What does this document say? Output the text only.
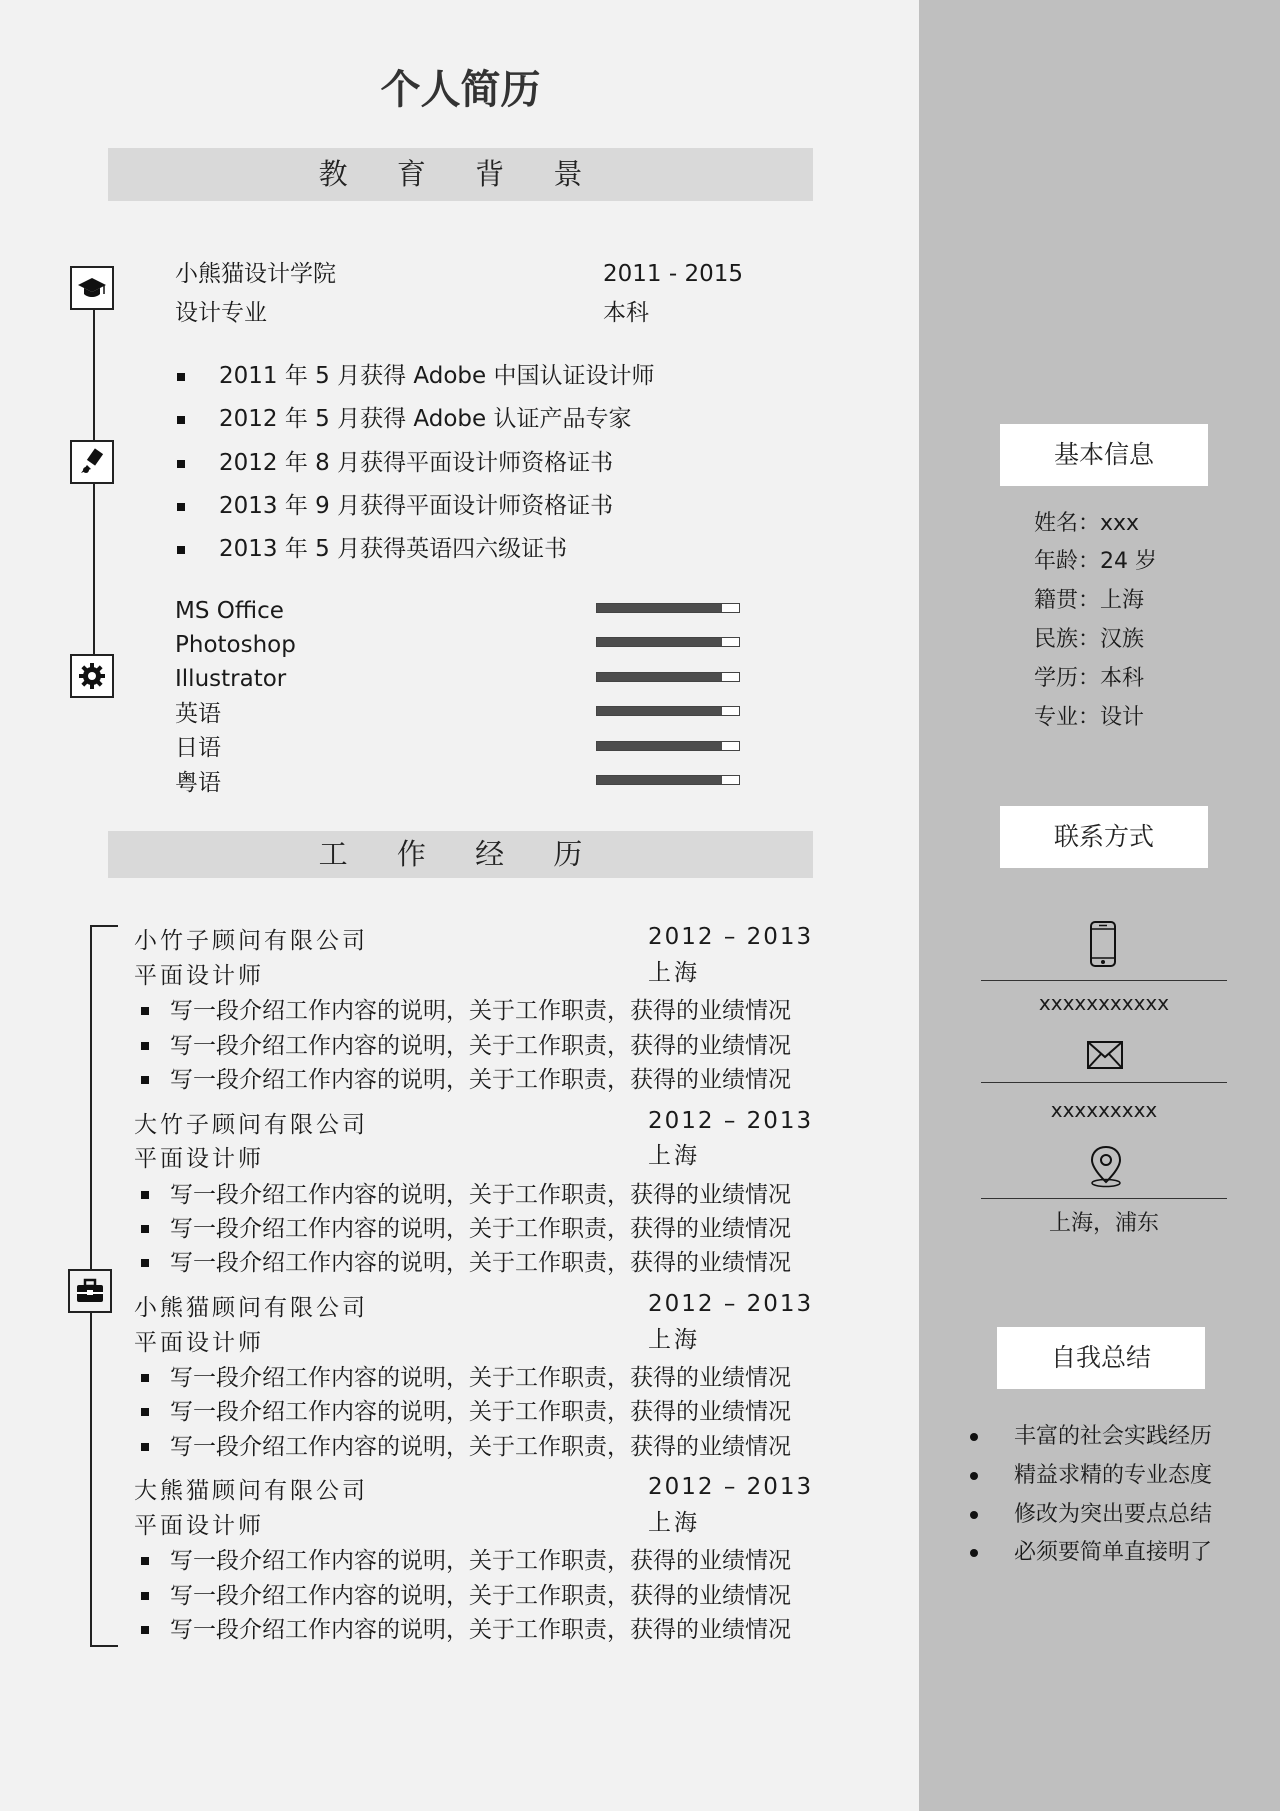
个人简历
教 育 背 景
小熊猫设计学院	2011 - 2015
设计专业	本科
2011 年 5 月获得 Adobe 中国认证设计师
2012 年 5 月获得 Adobe 认证产品专家
2012 年 8 月获得平面设计师资格证书
2013 年 9 月获得平面设计师资格证书
2013 年 5 月获得英语四六级证书
MS Office
Photoshop
Illustrator
英语
日语
粤语
工 作 经 历
小竹子顾问有限公司	2012 – 2013
平面设计师	上海
写一段介绍工作内容的说明，关于工作职责，获得的业绩情况
写一段介绍工作内容的说明，关于工作职责，获得的业绩情况
写一段介绍工作内容的说明，关于工作职责，获得的业绩情况
大竹子顾问有限公司	2012 – 2013
平面设计师	上海
写一段介绍工作内容的说明，关于工作职责，获得的业绩情况
写一段介绍工作内容的说明，关于工作职责，获得的业绩情况
写一段介绍工作内容的说明，关于工作职责，获得的业绩情况
小熊猫顾问有限公司	2012 – 2013
平面设计师	上海
写一段介绍工作内容的说明，关于工作职责，获得的业绩情况
写一段介绍工作内容的说明，关于工作职责，获得的业绩情况
写一段介绍工作内容的说明，关于工作职责，获得的业绩情况
大熊猫顾问有限公司	2012 – 2013
平面设计师	上海
写一段介绍工作内容的说明，关于工作职责，获得的业绩情况
写一段介绍工作内容的说明，关于工作职责，获得的业绩情况
写一段介绍工作内容的说明，关于工作职责，获得的业绩情况
基本信息
姓名：xxx
年龄：24 岁
籍贯：上海
民族：汉族
学历：本科
专业：设计
联系方式
xxxxxxxxxxx
xxxxxxxxx
上海，浦东
自我总结
丰富的社会实践经历
精益求精的专业态度
修改为突出要点总结
必须要简单直接明了
